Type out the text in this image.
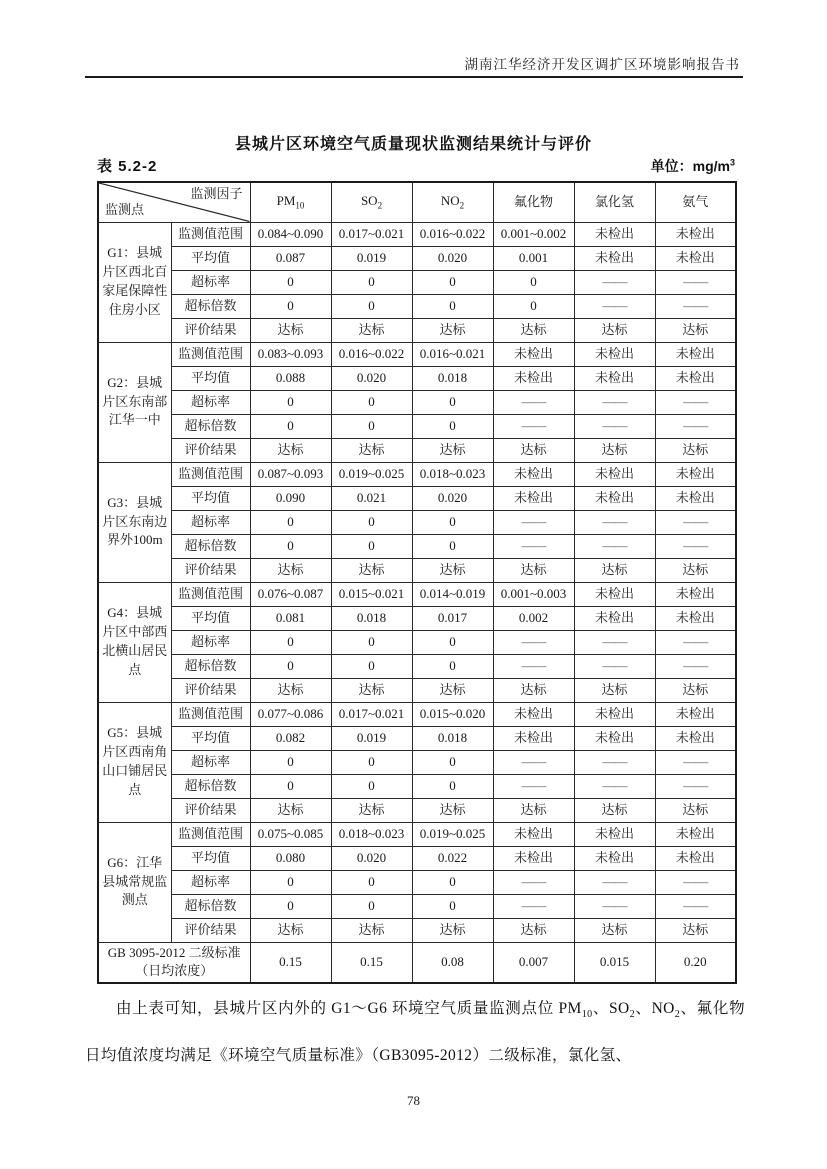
湖南江华经济开发区调扩区环境影响报告书
县城片区环境空气质量现状监测结果统计与评价
表 5.2-2	单位：$mg/m^3$
监测因子
监测点		$PM_{10}$	$SO_2$	$NO_2$	氟化物	氯化氢	氨气
G1：县城片区西北百家尾保障性住房小区	监测值范围	0.084~0.090	0.017~0.021	0.016~0.022	0.001~0.002	未检出	未检出
	平均值	0.087	0.019	0.020	0.001	未检出	未检出
	超标率	0	0	0	0	——	——
	超标倍数	0	0	0	0	——	——
	评价结果	达标	达标	达标	达标	达标	达标
G2：县城片区东南部江华一中	监测值范围	0.083~0.093	0.016~0.022	0.016~0.021	未检出	未检出	未检出
	平均值	0.088	0.020	0.018	未检出	未检出	未检出
	超标率	0	0	0	——	——	——
	超标倍数	0	0	0	——	——	——
	评价结果	达标	达标	达标	达标	达标	达标
G3：县城片区东南边界外100m	监测值范围	0.087~0.093	0.019~0.025	0.018~0.023	未检出	未检出	未检出
	平均值	0.090	0.021	0.020	未检出	未检出	未检出
	超标率	0	0	0	——	——	——
	超标倍数	0	0	0	——	——	——
	评价结果	达标	达标	达标	达标	达标	达标
G4：县城片区中部西北横山居民点	监测值范围	0.076~0.087	0.015~0.021	0.014~0.019	0.001~0.003	未检出	未检出
	平均值	0.081	0.018	0.017	0.002	未检出	未检出
	超标率	0	0	0	——	——	——
	超标倍数	0	0	0	——	——	——
	评价结果	达标	达标	达标	达标	达标	达标
G5：县城片区西南角山口铺居民点	监测值范围	0.077~0.086	0.017~0.021	0.015~0.020	未检出	未检出	未检出
	平均值	0.082	0.019	0.018	未检出	未检出	未检出
	超标率	0	0	0	——	——	——
	超标倍数	0	0	0	——	——	——
	评价结果	达标	达标	达标	达标	达标	达标
G6：江华县城常规监测点	监测值范围	0.075~0.085	0.018~0.023	0.019~0.025	未检出	未检出	未检出
	平均值	0.080	0.020	0.022	未检出	未检出	未检出
	超标率	0	0	0	——	——	——
	超标倍数	0	0	0	——	——	——
	评价结果	达标	达标	达标	达标	达标	达标

GB 3095-2012 二级标准
（日均浓度）		0.15	0.15	0.08	0.007	0.015	0.20

由上表可知，县城片区内外的 G1～G6 环境空气质量监测点位 $PM_{10}$、$SO_2$、$NO_2$、氟化物日均值浓度均满足《环境空气质量标准》（GB3095-2012）二级标准，氯化氢、

78
